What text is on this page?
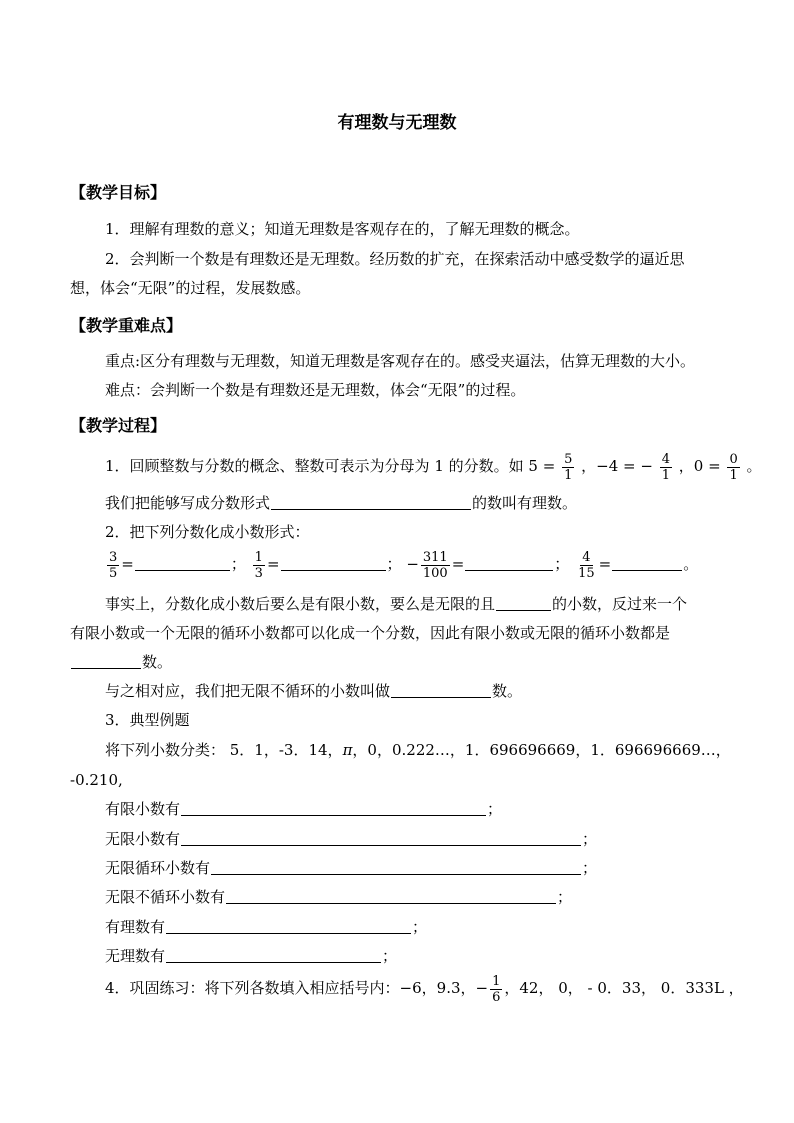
有理数与无理数
【教学目标】
1．理解有理数的意义；知道无理数是客观存在的，了解无理数的概念。
2．会判断一个数是有理数还是无理数。经历数的扩充，在探索活动中感受数学的逼近思
想，体会“无限”的过程，发展数感。
【教学重难点】
重点:区分有理数与无理数，知道无理数是客观存在的。感受夹逼法，估算无理数的大小。
难点：会判断一个数是有理数还是无理数，体会“无限”的过程。
【教学过程】
1．回顾整数与分数的概念、整数可表示为分母为 1 的分数。如 $5 = \frac{5}{1}$ ，−4 = − $\frac{4}{1}$ ，$0 = \frac{0}{1}$ 。
我们把能够写成分数形式	的数叫有理数。
2．把下列分数化成小数形式：
$\frac{3}{5}$ =	； $\frac{1}{3}$ =	； − $\frac{311}{100}$ =	； $\frac{4}{15}$ =	。
事实上，分数化成小数后要么是有限小数，要么是无限的且	的小数，反过来一个
有限小数或一个无限的循环小数都可以化成一个分数，因此有限小数或无限的循环小数都是
数。
与之相对应，我们把无限不循环的小数叫做	数。
3．典型例题
将下列小数分类： 5．1，-3．14，π，0，0.222…，1．696696669，1．696696669…，
-0.210,
有限小数有	；
无限小数有	；
无限循环小数有	；
无限不循环小数有	；
有理数有	；
无理数有	；
4．巩固练习：将下列各数填入相应括号内：−6，9.3，− $\frac{1}{6}$ ，42， 0， - 0．33， 0．333L ，
